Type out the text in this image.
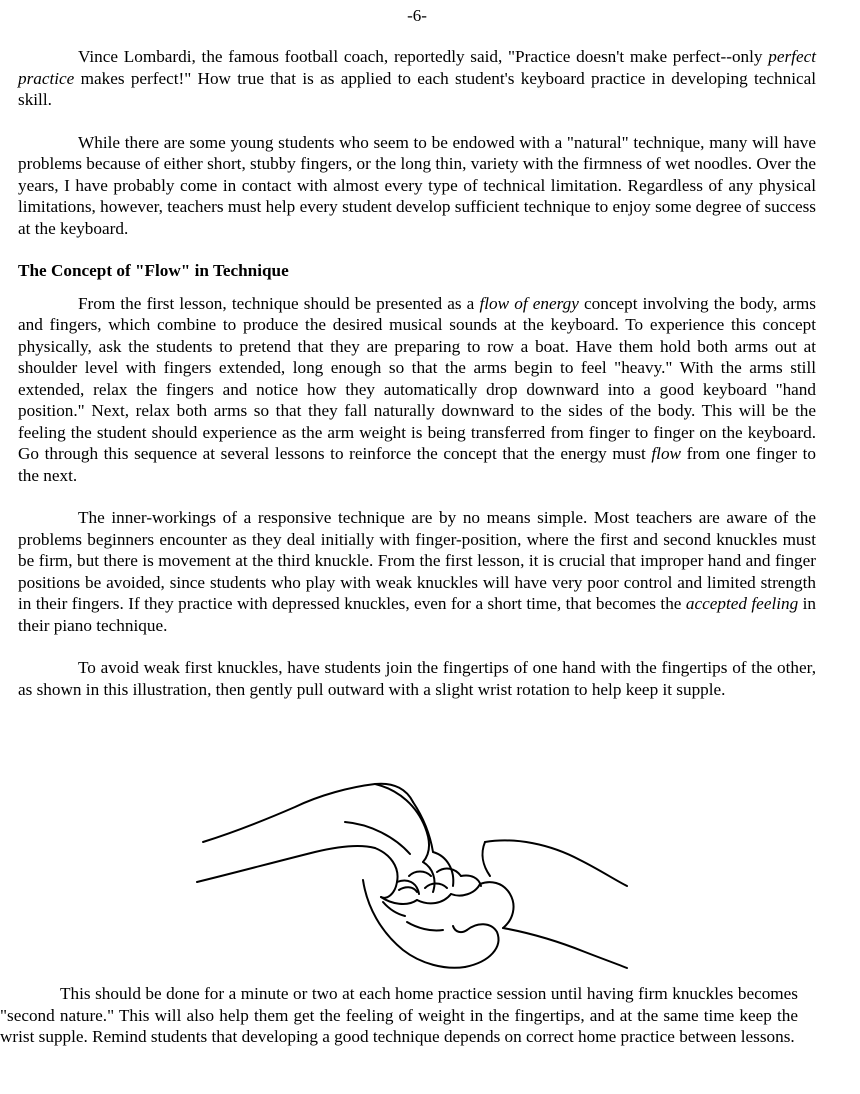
-6-

Vince Lombardi, the famous football coach, reportedly said, "Practice doesn't make perfect--only perfect practice makes perfect!" How true that is as applied to each student's keyboard practice in developing technical skill.

While there are some young students who seem to be endowed with a "natural" technique, many will have problems because of either short, stubby fingers, or the long thin, variety with the firmness of wet noodles. Over the years, I have probably come in contact with almost every type of technical limitation. Regardless of any physical limitations, however, teachers must help every student develop sufficient technique to enjoy some degree of success at the keyboard.

The Concept of "Flow" in Technique

From the first lesson, technique should be presented as a flow of energy concept involving the body, arms and fingers, which combine to produce the desired musical sounds at the keyboard. To experience this concept physically, ask the students to pretend that they are preparing to row a boat. Have them hold both arms out at shoulder level with fingers extended, long enough so that the arms begin to feel "heavy." With the arms still extended, relax the fingers and notice how they automatically drop downward into a good keyboard "hand position." Next, relax both arms so that they fall naturally downward to the sides of the body. This will be the feeling the student should experience as the arm weight is being transferred from finger to finger on the keyboard. Go through this sequence at several lessons to reinforce the concept that the energy must flow from one finger to the next.

The inner-workings of a responsive technique are by no means simple. Most teachers are aware of the problems beginners encounter as they deal initially with finger-position, where the first and second knuckles must be firm, but there is movement at the third knuckle. From the first lesson, it is crucial that improper hand and finger positions be avoided, since students who play with weak knuckles will have very poor control and limited strength in their fingers. If they practice with depressed knuckles, even for a short time, that becomes the accepted feeling in their piano technique.

To avoid weak first knuckles, have students join the fingertips of one hand with the fingertips of the other, as shown in this illustration, then gently pull outward with a slight wrist rotation to help keep it supple.

This should be done for a minute or two at each home practice session until having firm knuckles becomes "second nature." This will also help them get the feeling of weight in the fingertips, and at the same time keep the wrist supple. Remind students that developing a good technique depends on correct home practice between lessons.
